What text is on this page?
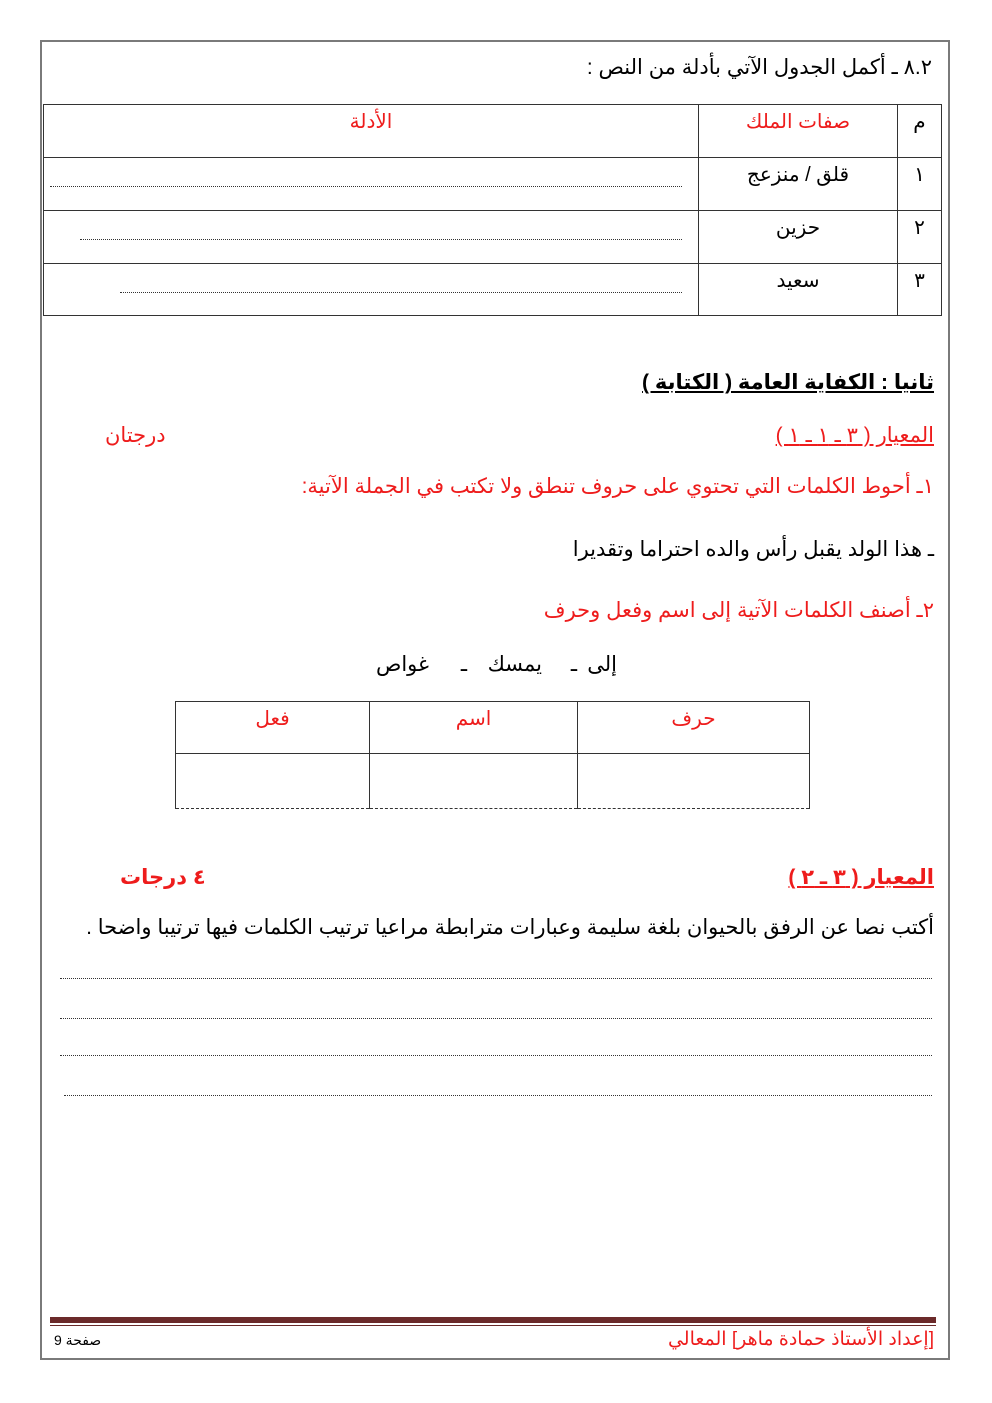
٨.٢ ـ أكمل الجدول الآتي بأدلة من النص :
م	صفات الملك	الأدلة
١	قلق / منزعج	

٢	حزين	

٣	سعيد	
ثانيا : الكفاية العامة ( الكتابة )
المعيار ( ٣ ـ ١ ـ ١ )
درجتان
١ـ أحوط الكلمات التي تحتوي على حروف تنطق ولا تكتب في الجملة الآتية:
ـ هذا الولد يقبل رأس والده احتراما وتقديرا
٢ـ أصنف الكلمات الآتية إلى اسم وفعل وحرف
إلى
ـ
يمسك
ـ
غواص
حرف	اسم	فعل

المعيار ( ٣ ـ ٢ )
٤ درجات
أكتب نصا عن الرفق بالحيوان بلغة سليمة وعبارات مترابطة مراعيا ترتيب الكلمات فيها ترتيبا واضحا .
[إعداد الأستاذ حمادة ماهر] المعالي
صفحة 9
